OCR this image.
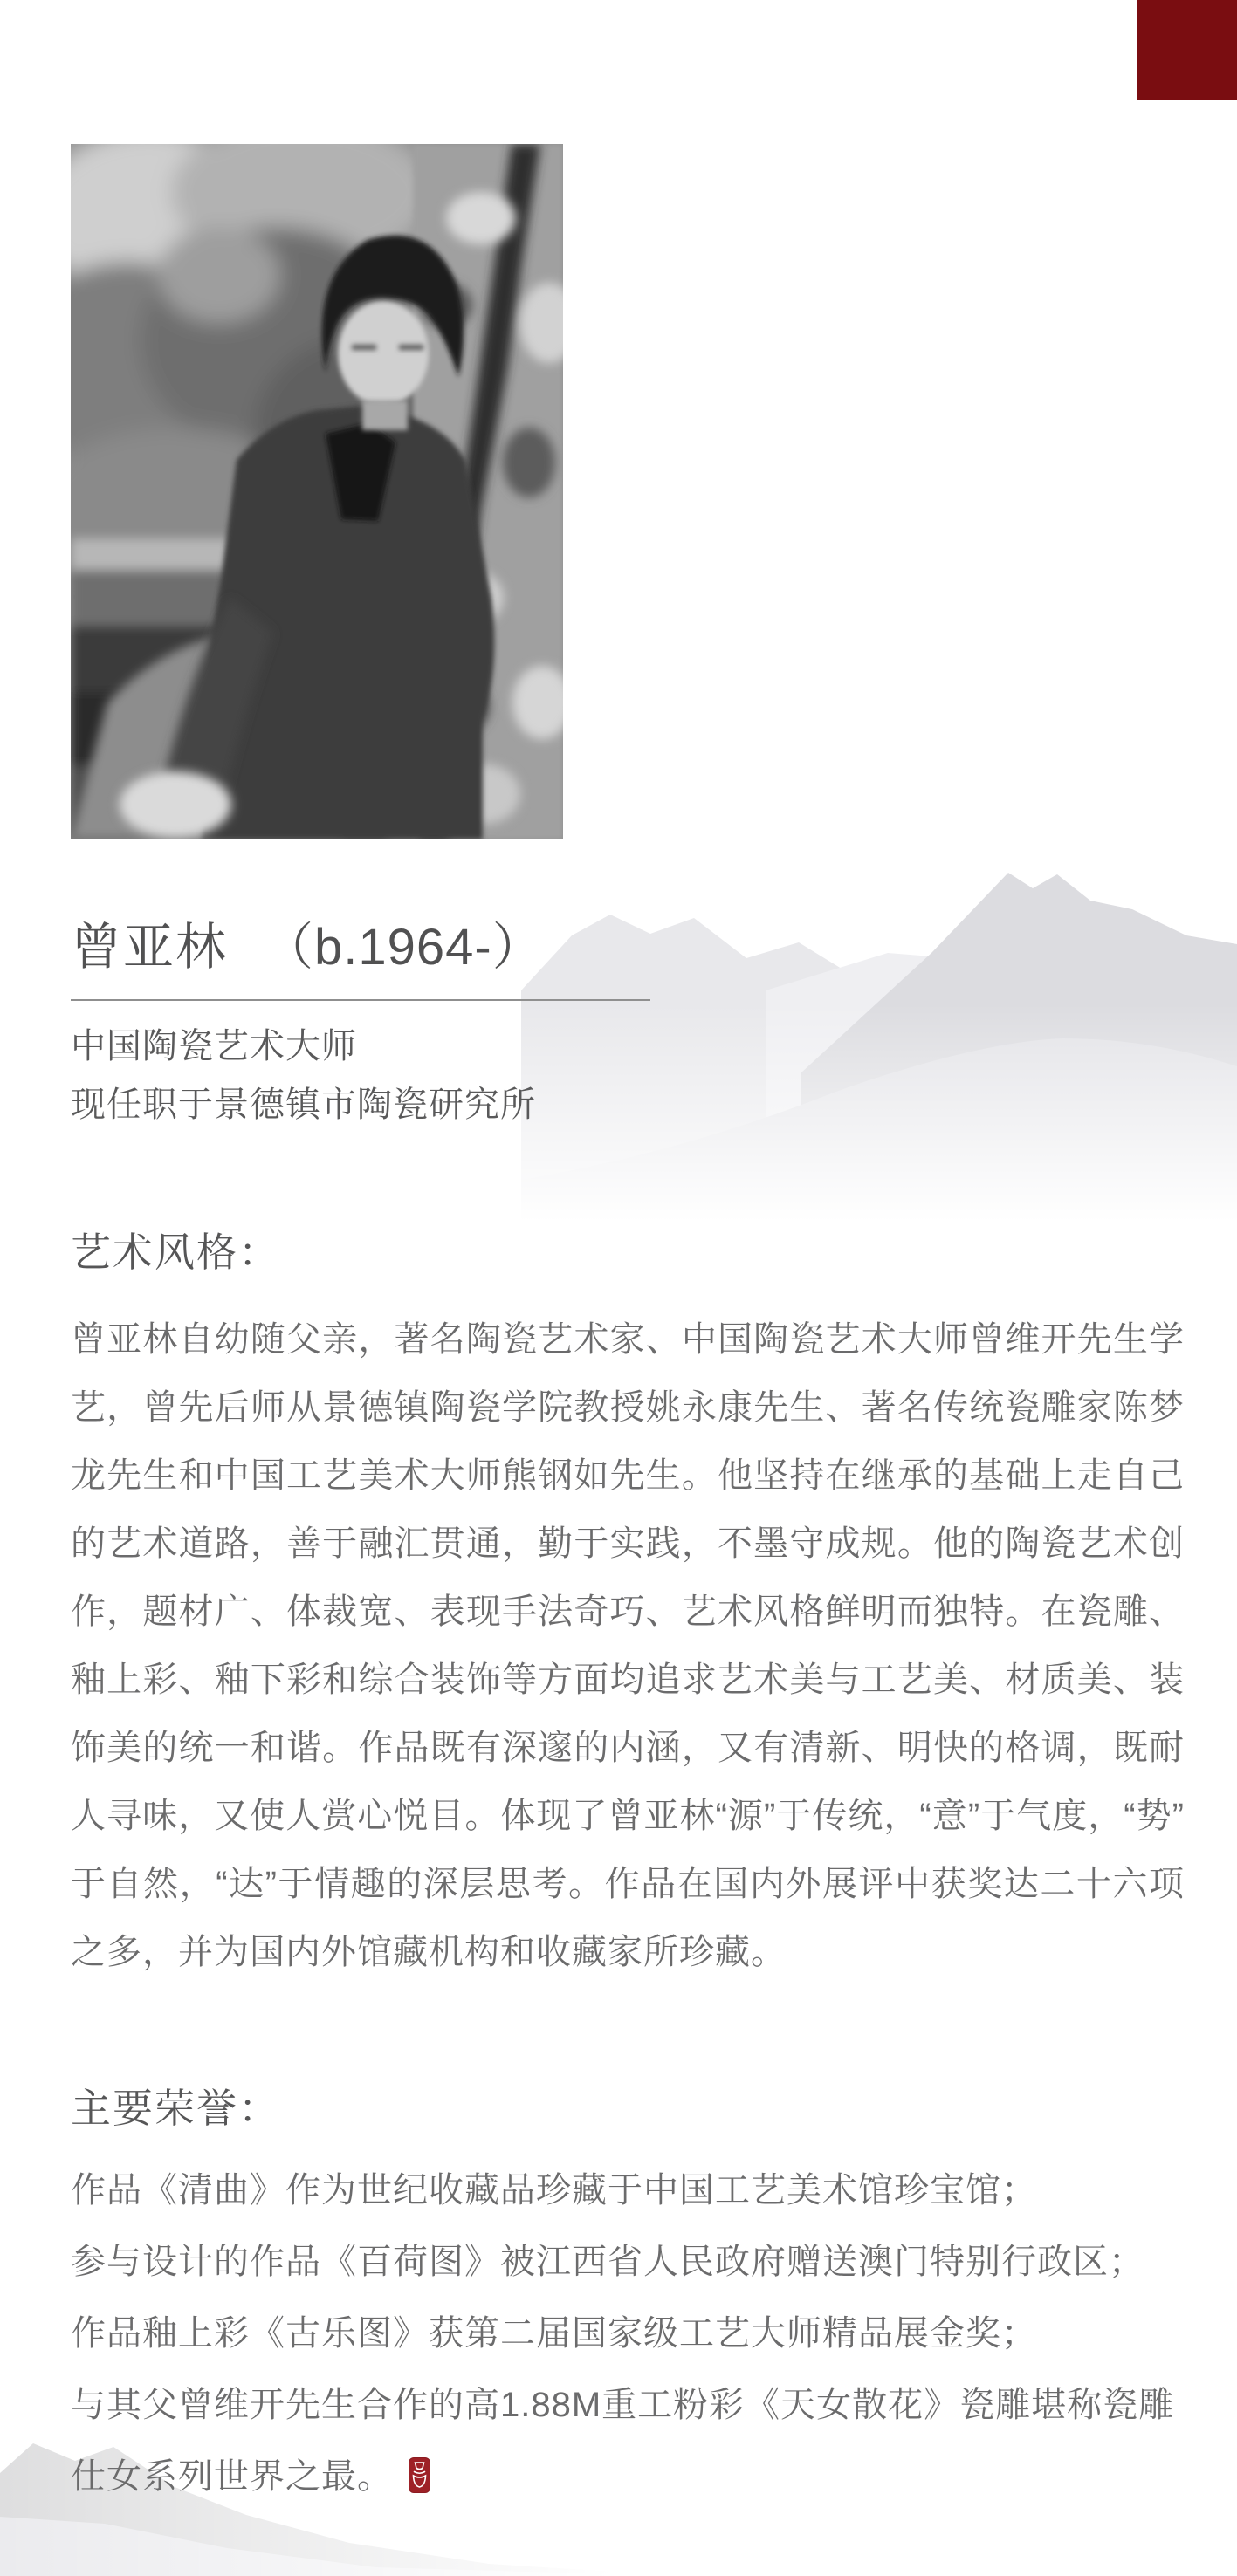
曾亚林 （b.1964-）
中国陶瓷艺术大师
现任职于景德镇市陶瓷研究所
艺术风格：

曾亚林自幼随父亲，著名陶瓷艺术家、中国陶瓷艺术大师曾维开先生学艺，曾先后师从景德镇陶瓷学院教授姚永康先生、著名传统瓷雕家陈梦龙先生和中国工艺美术大师熊钢如先生。他坚持在继承的基础上走自己的艺术道路，善于融汇贯通，勤于实践，不墨守成规。他的陶瓷艺术创作，题材广、体裁宽、表现手法奇巧、艺术风格鲜明而独特。在瓷雕、釉上彩、釉下彩和综合装饰等方面均追求艺术美与工艺美、材质美、装饰美的统一和谐。作品既有深邃的内涵，又有清新、明快的格调，既耐人寻味，又使人赏心悦目。体现了曾亚林“源”于传统，“意”于气度，“势”于自然，“达”于情趣的深层思考。作品在国内外展评中获奖达二十六项之多，并为国内外馆藏机构和收藏家所珍藏。

主要荣誉：
作品《清曲》作为世纪收藏品珍藏于中国工艺美术馆珍宝馆；
参与设计的作品《百荷图》被江西省人民政府赠送澳门特别行政区；
作品釉上彩《古乐图》获第二届国家级工艺大师精品展金奖；
与其父曾维开先生合作的高1.88M重工粉彩《天女散花》瓷雕堪称瓷雕仕女系列世界之最。
